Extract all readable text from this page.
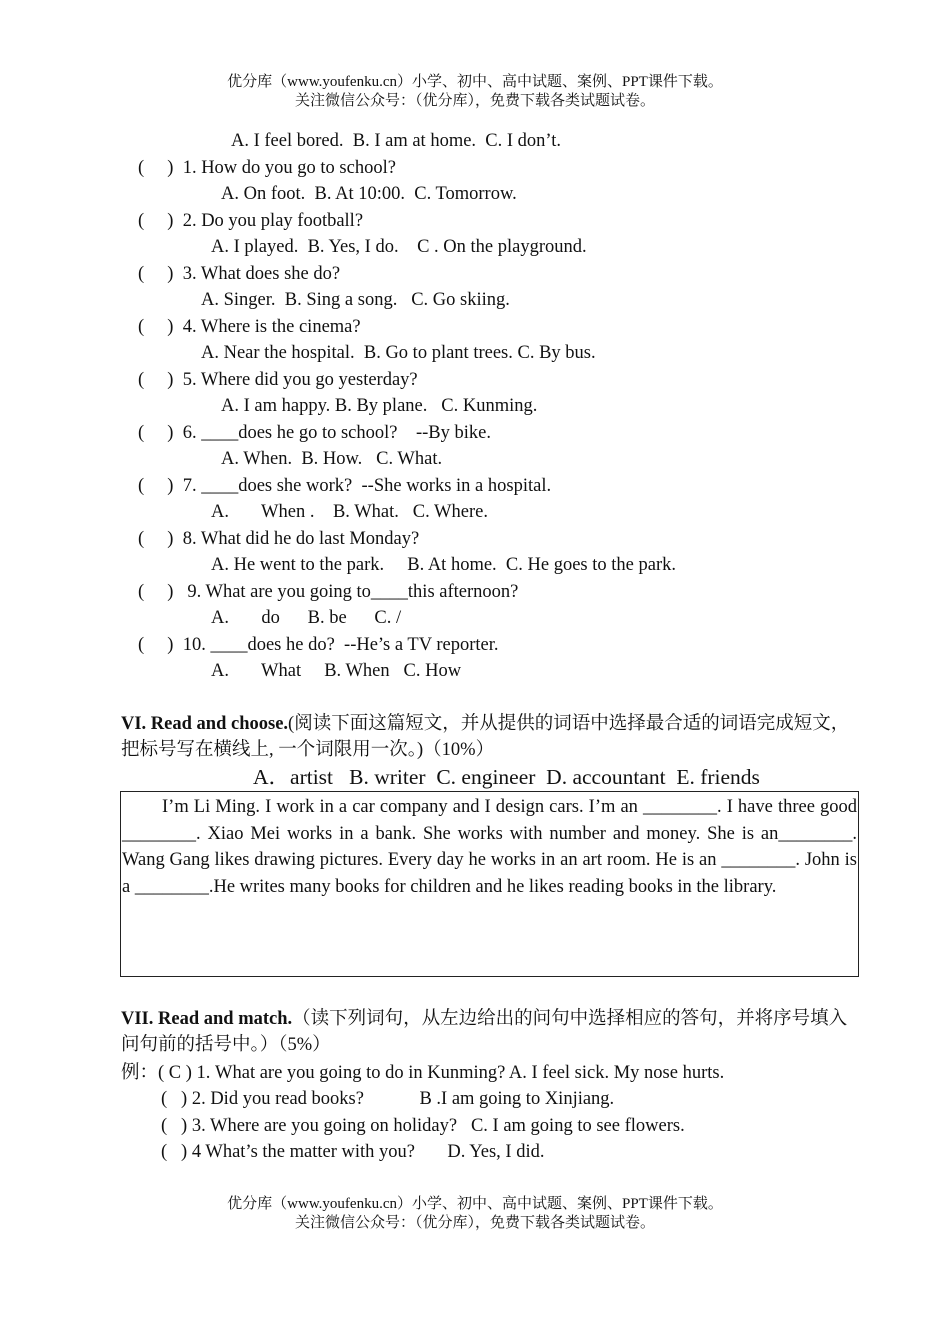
优分库（www.youfenku.cn）小学、初中、高中试题、案例、PPT课件下载。
关注微信公众号：（优分库），免费下载各类试题试卷。
A. I feel bored.  B. I am at home.  C. I don’t.
(     )  1. How do you go to school?
A. On foot.  B. At 10:00.  C. Tomorrow.
(     )  2. Do you play football?
A. I played.  B. Yes, I do.    C . On the playground.
(     )  3. What does she do?
A. Singer.  B. Sing a song.   C. Go skiing.
(     )  4. Where is the cinema?
A. Near the hospital.  B. Go to plant trees. C. By bus.
(     )  5. Where did you go yesterday?
A. I am happy. B. By plane.   C. Kunming.
(     )  6. ____does he go to school?    --By bike.
A. When.  B. How.   C. What.
(     )  7. ____does she work?  --She works in a hospital.
A.       When .    B. What.   C. Where.
(     )  8. What did he do last Monday?
A. He went to the park.     B. At home.  C. He goes to the park.
(     )   9. What are you going to____this afternoon?
A.       do      B. be      C. /
(     )  10. ____does he do?  --He’s a TV reporter.
A.       What     B. When   C. How
VI. Read and choose.(阅读下面这篇短文，并从提供的词语中选择最合适的词语完成短文，把标号写在横线上, 一个词限用一次。)（10%）
A．artist   B. writer  C. engineer  D. accountant  E. friends

I’m Li Ming. I work in a car company and I design cars. I’m an ________. I have three good ________. Xiao Mei works in a bank. She works with number and money. She is an________. Wang Gang likes drawing pictures. Every day he works in an art room. He is an ________. John is a ________.He writes many books for children and he likes reading books in the library.

VII. Read and match.（读下列词句，从左边给出的问句中选择相应的答句，并将序号填入问句前的括号中。）（5%）
例：( C ) 1. What are you going to do in Kunming? A. I feel sick. My nose hurts.
(   ) 2. Did you read books?            B .I am going to Xinjiang.
(   ) 3. Where are you going on holiday?   C. I am going to see flowers.
(   ) 4 What’s the matter with you?       D. Yes, I did.
优分库（www.youfenku.cn）小学、初中、高中试题、案例、PPT课件下载。
关注微信公众号：（优分库），免费下载各类试题试卷。
